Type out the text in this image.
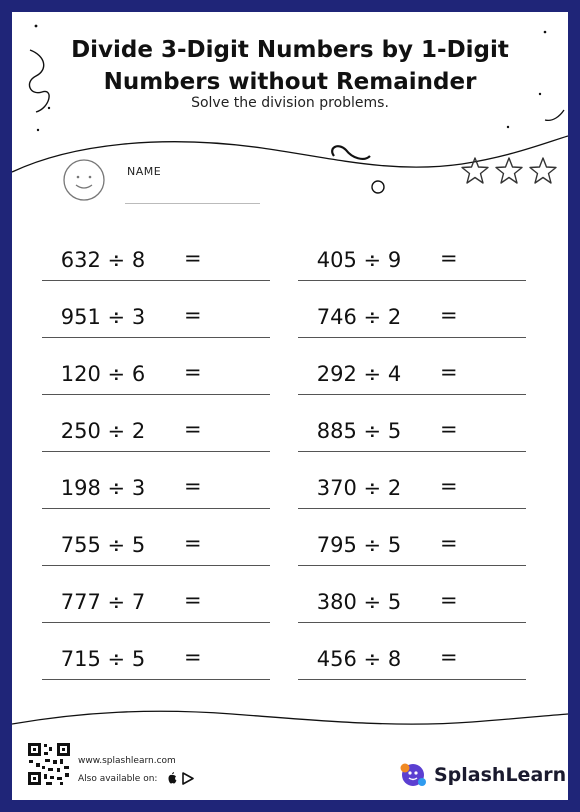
Divide 3-Digit Numbers by 1-Digit
Numbers without Remainder
Solve the division problems.
NAME
632 ÷ 8	=	405 ÷ 9	=
951 ÷ 3	=	746 ÷ 2	=
120 ÷ 6	=	292 ÷ 4	=
250 ÷ 2	=	885 ÷ 5	=
198 ÷ 3	=	370 ÷ 2	=
755 ÷ 5	=	795 ÷ 5	=
777 ÷ 7	=	380 ÷ 5	=
715 ÷ 5	=	456 ÷ 8	=
www.splashlearn.com
Also available on:	SplashLearn
